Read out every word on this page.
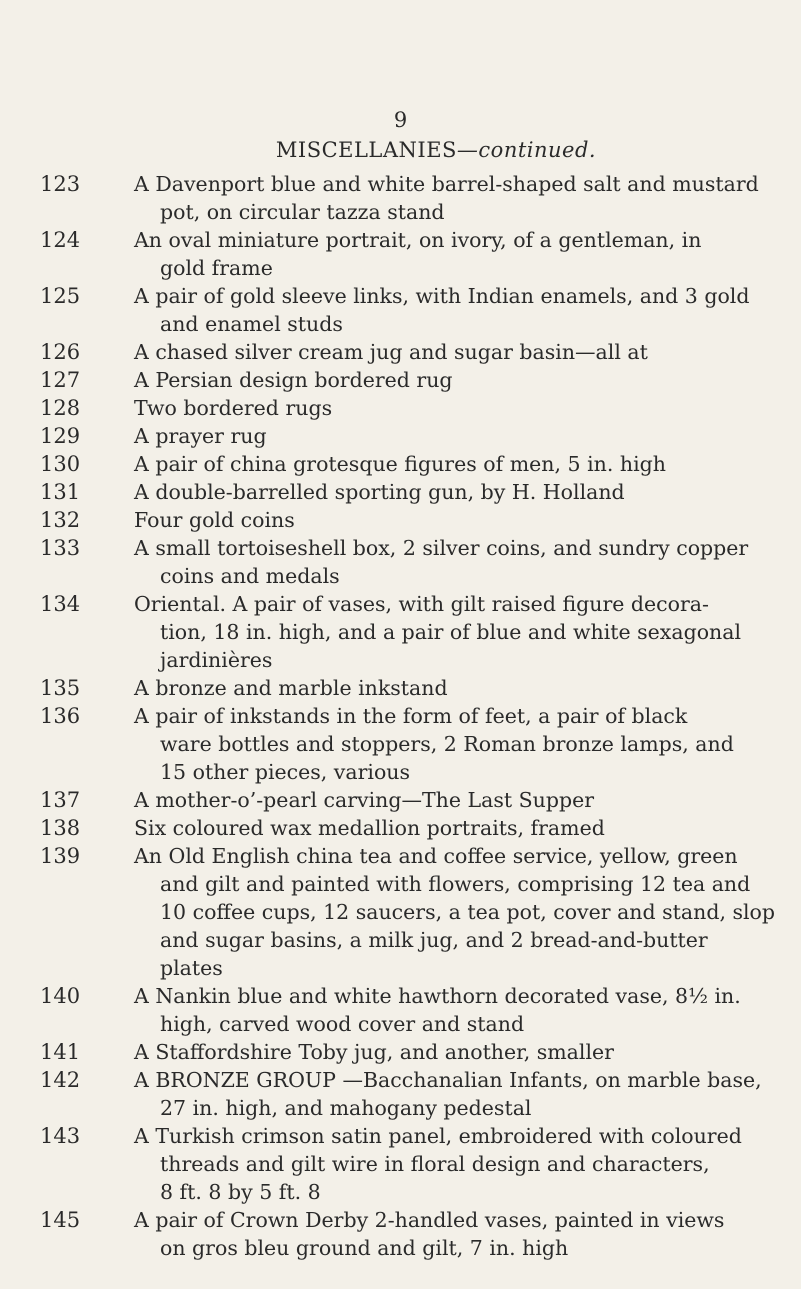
9
MISCELLANIES—continued.
123	A Davenport blue and white barrel-shaped salt and mustard
pot, on circular tazza stand
124	An oval miniature portrait, on ivory, of a gentleman, in
gold frame
125	A pair of gold sleeve links, with Indian enamels, and 3 gold
and enamel studs
126	A chased silver cream jug and sugar basin—all at
127	A Persian design bordered rug
128	Two bordered rugs
129	A prayer rug
130	A pair of china grotesque figures of men, 5 in. high
131	A double-barrelled sporting gun, by H. Holland
132	Four gold coins
133	A small tortoiseshell box, 2 silver coins, and sundry copper
coins and medals
134	Oriental. A pair of vases, with gilt raised figure decora-
tion, 18 in. high, and a pair of blue and white sexagonal
jardinières
135	A bronze and marble inkstand
136	A pair of inkstands in the form of feet, a pair of black
ware bottles and stoppers, 2 Roman bronze lamps, and
15 other pieces, various
137	A mother-o’-pearl carving—The Last Supper
138	Six coloured wax medallion portraits, framed
139	An Old English china tea and coffee service, yellow, green
and gilt and painted with flowers, comprising 12 tea and
10 coffee cups, 12 saucers, a tea pot, cover and stand, slop
and sugar basins, a milk jug, and 2 bread-and-butter
plates
140	A Nankin blue and white hawthorn decorated vase, 8½ in.
high, carved wood cover and stand
141	A Staffordshire Toby jug, and another, smaller
142	A BRONZE GROUP —Bacchanalian Infants, on marble base,
27 in. high, and mahogany pedestal
143	A Turkish crimson satin panel, embroidered with coloured
threads and gilt wire in floral design and characters,
8 ft. 8 by 5 ft. 8
145	A pair of Crown Derby 2-handled vases, painted in views
on gros bleu ground and gilt, 7 in. high
